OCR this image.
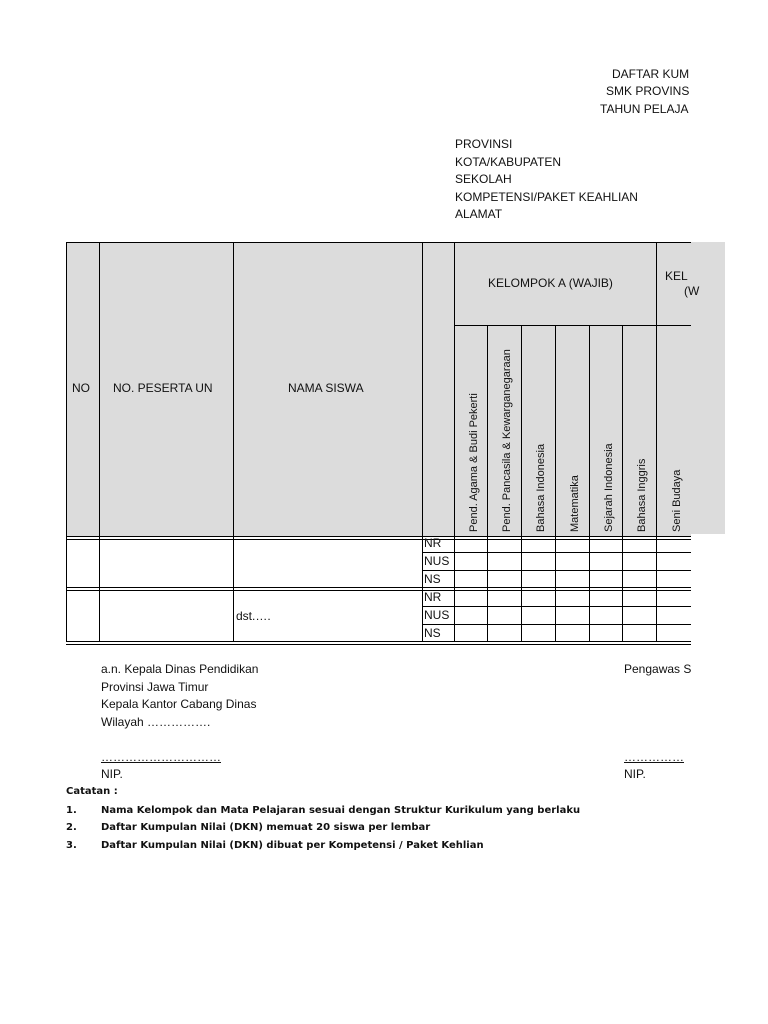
DAFTAR KUM
SMK PROVINS
TAHUN PELAJA
PROVINSI
KOTA/KABUPATEN
SEKOLAH
KOMPETENSI/PAKET KEAHLIAN
ALAMAT
NO NO. PESERTA UN	NAMA SISWA
KELOMPOK A (WAJIB)	KEL
(W
Pend. Agama & Budi Pekerti Pend. Pancasila & Kewarganegaraan Bahasa Indonesia Matematika Sejarah Indonesia Bahasa Inggris Seni Budaya
NR
NUS
NS
NR
NUS
NS
dst.….
a.n. Kepala Dinas Pendidikan
Provinsi Jawa Timur
Kepala Kantor Cabang Dinas
Wilayah …………….
…………………………
NIP.
Pengawas S
……………
NIP.
Catatan :
1. Nama Kelompok dan Mata Pelajaran sesuai dengan Struktur Kurikulum yang berlaku
2. Daftar Kumpulan Nilai (DKN) memuat 20 siswa per lembar
3. Daftar Kumpulan Nilai (DKN) dibuat per Kompetensi / Paket Kehlian
